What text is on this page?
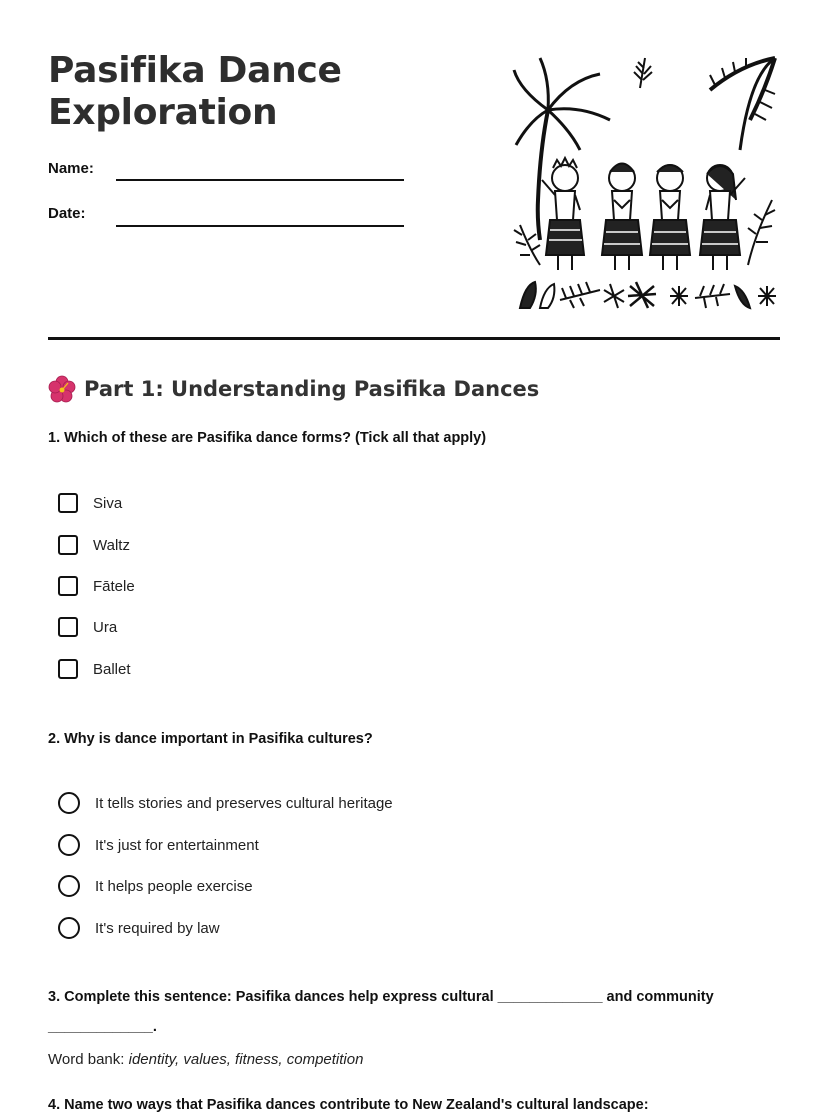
Pasifika Dance Exploration
Name:
Date:
Part 1: Understanding Pasifika Dances

1. Which of these are Pasifika dance forms? (Tick all that apply)

Siva
Waltz
Fātele
Ura
Ballet

2. Why is dance important in Pasifika cultures?

It tells stories and preserves cultural heritage
It's just for entertainment
It helps people exercise
It's required by law

3. Complete this sentence: Pasifika dances help express cultural _____________ and community _____________.

Word bank: identity, values, fitness, competition

4. Name two ways that Pasifika dances contribute to New Zealand's cultural landscape:
